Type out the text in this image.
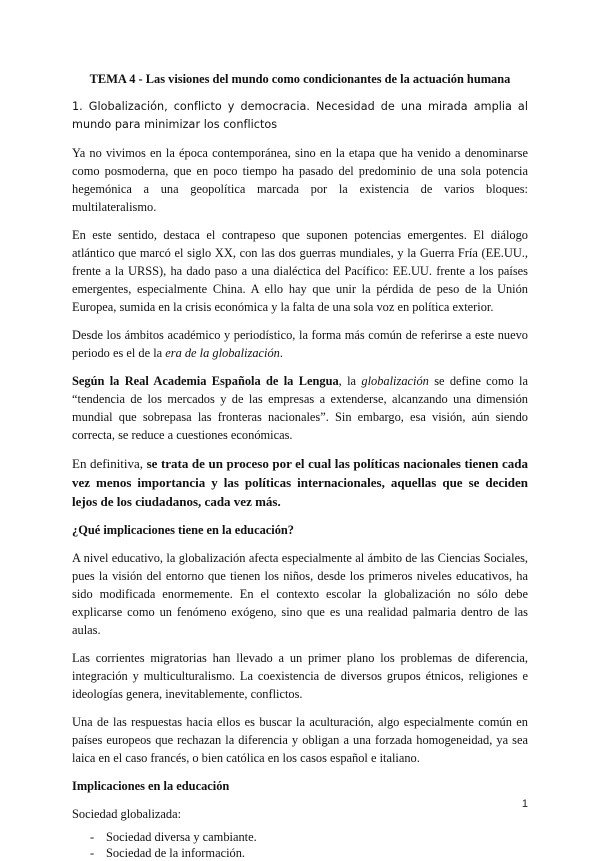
TEMA 4 - Las visiones del mundo como condicionantes de la actuación humana

1. Globalización, conflicto y democracia. Necesidad de una mirada amplia al mundo para minimizar los conflictos

Ya no vivimos en la época contemporánea, sino en la etapa que ha venido a denominarse como posmoderna, que en poco tiempo ha pasado del predominio de una sola potencia hegemónica a una geopolítica marcada por la existencia de varios bloques: multilateralismo.

En este sentido, destaca el contrapeso que suponen potencias emergentes. El diálogo atlántico que marcó el siglo XX, con las dos guerras mundiales, y la Guerra Fría (EE.UU., frente a la URSS), ha dado paso a una dialéctica del Pacífico: EE.UU. frente a los países emergentes, especialmente China. A ello hay que unir la pérdida de peso de la Unión Europea, sumida en la crisis económica y la falta de una sola voz en política exterior.

Desde los ámbitos académico y periodístico, la forma más común de referirse a este nuevo periodo es el de la era de la globalización.

Según la Real Academia Española de la Lengua, la globalización se define como la “tendencia de los mercados y de las empresas a extenderse, alcanzando una dimensión mundial que sobrepasa las fronteras nacionales”. Sin embargo, esa visión, aún siendo correcta, se reduce a cuestiones económicas.

En definitiva, se trata de un proceso por el cual las políticas nacionales tienen cada vez menos importancia y las políticas internacionales, aquellas que se deciden lejos de los ciudadanos, cada vez más.

¿Qué implicaciones tiene en la educación?

A nivel educativo, la globalización afecta especialmente al ámbito de las Ciencias Sociales, pues la visión del entorno que tienen los niños, desde los primeros niveles educativos, ha sido modificada enormemente. En el contexto escolar la globalización no sólo debe explicarse como un fenómeno exógeno, sino que es una realidad palmaria dentro de las aulas.

Las corrientes migratorias han llevado a un primer plano los problemas de diferencia, integración y multiculturalismo. La coexistencia de diversos grupos étnicos, religiones e ideologías genera, inevitablemente, conflictos.

Una de las respuestas hacia ellos es buscar la aculturación, algo especialmente común en países europeos que rechazan la diferencia y obligan a una forzada homogeneidad, ya sea laica en el caso francés, o bien católica en los casos español e italiano.

Implicaciones en la educación

Sociedad globalizada:

- Sociedad diversa y cambiante.
- Sociedad de la información.
1
